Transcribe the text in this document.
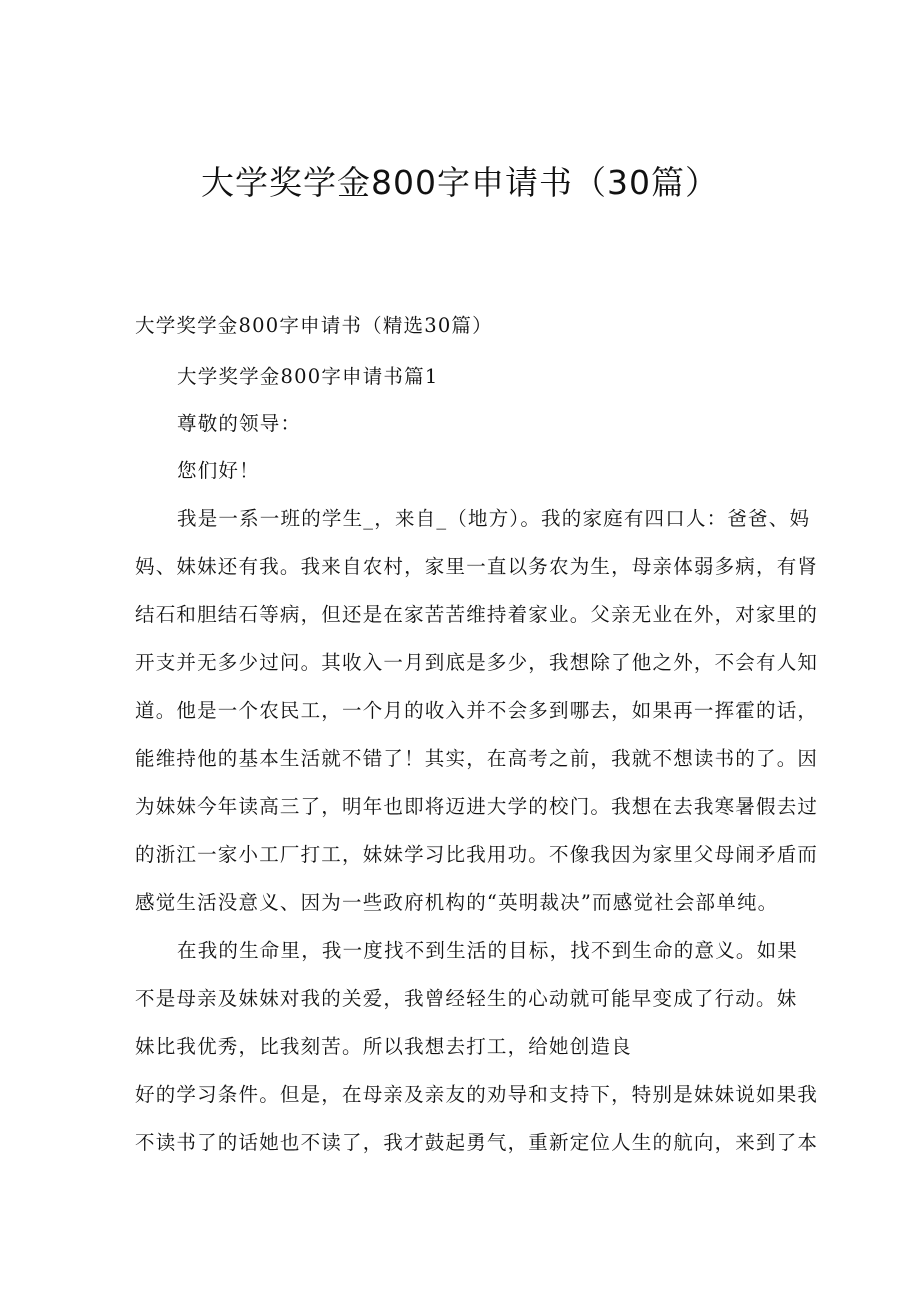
大学奖学金800字申请书（30篇）
大学奖学金800字申请书（精选30篇）
大学奖学金800字申请书篇1
尊敬的领导：
您们好！
我是一系一班的学生_，来自_（地方）。我的家庭有四口人：爸爸、妈
妈、妹妹还有我。我来自农村，家里一直以务农为生，母亲体弱多病，有肾
结石和胆结石等病，但还是在家苦苦维持着家业。父亲无业在外，对家里的
开支并无多少过问。其收入一月到底是多少，我想除了他之外，不会有人知
道。他是一个农民工，一个月的收入并不会多到哪去，如果再一挥霍的话，
能维持他的基本生活就不错了！其实，在高考之前，我就不想读书的了。因
为妹妹今年读高三了，明年也即将迈进大学的校门。我想在去我寒暑假去过
的浙江一家小工厂打工，妹妹学习比我用功。不像我因为家里父母闹矛盾而
感觉生活没意义、因为一些政府机构的“英明裁决”而感觉社会部单纯。
在我的生命里，我一度找不到生活的目标，找不到生命的意义。如果
不是母亲及妹妹对我的关爱，我曾经轻生的心动就可能早变成了行动。妹
妹比我优秀，比我刻苦。所以我想去打工，给她创造良
好的学习条件。但是，在母亲及亲友的劝导和支持下，特别是妹妹说如果我
不读书了的话她也不读了，我才鼓起勇气，重新定位人生的航向，来到了本
